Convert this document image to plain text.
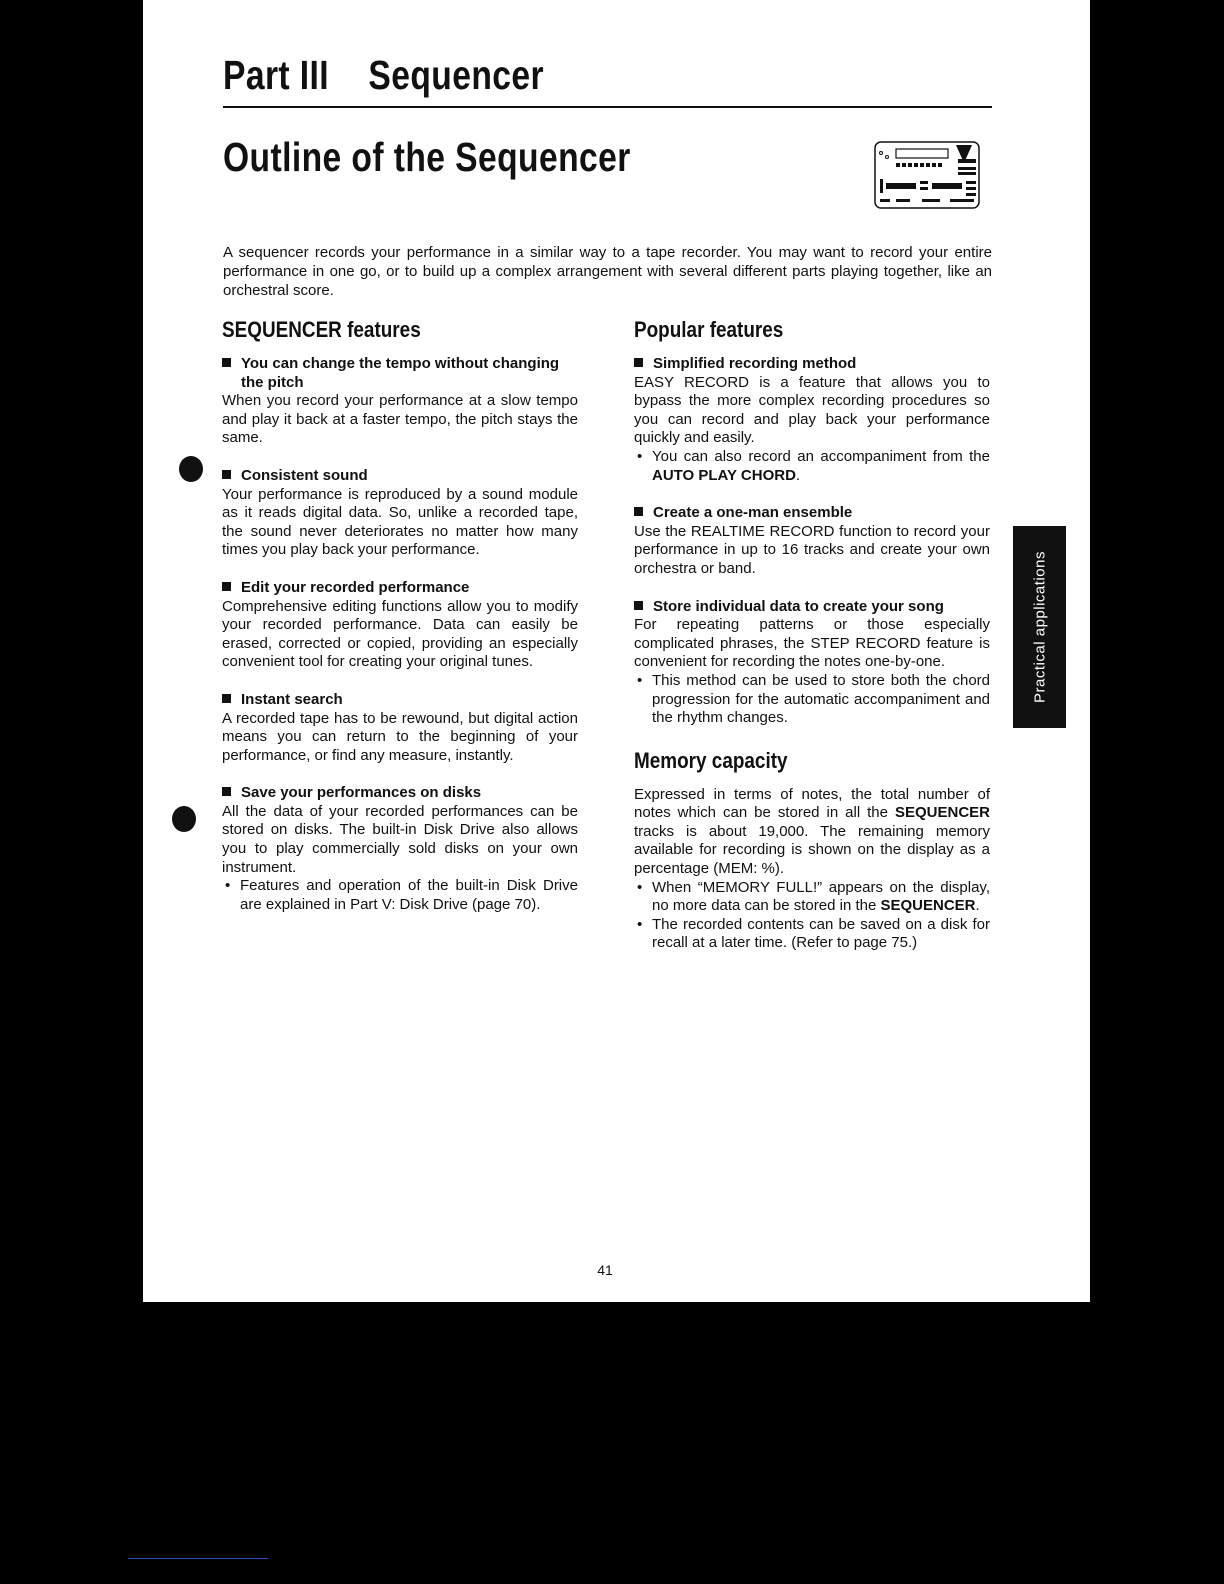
Part III Sequencer
Outline of the Sequencer

A sequencer records your performance in a similar way to a tape recorder. You may want to record your entire performance in one go, or to build up a complex arrangement with several different parts playing together, like an orchestral score.

SEQUENCER features

You can change the tempo without changing the pitch

When you record your performance at a slow tempo and play it back at a faster tempo, the pitch stays the same.

Consistent sound

Your performance is reproduced by a sound module as it reads digital data. So, unlike a recorded tape, the sound never deteriorates no matter how many times you play back your performance.

Edit your recorded performance

Comprehensive editing functions allow you to modify your recorded performance. Data can easily be erased, corrected or copied, providing an especially convenient tool for creating your original tunes.

Instant search

A recorded tape has to be rewound, but digital action means you can return to the beginning of your performance, or find any measure, instantly.

Save your performances on disks

All the data of your recorded performances can be stored on disks. The built-in Disk Drive also allows you to play commercially sold disks on your own instrument.

• Features and operation of the built-in Disk Drive are explained in Part V: Disk Drive (page 70).

Popular features

Simplified recording method

EASY RECORD is a feature that allows you to bypass the more complex recording procedures so you can record and play back your performance quickly and easily.

• You can also record an accompaniment from the AUTO PLAY CHORD.

Create a one-man ensemble

Use the REALTIME RECORD function to record your performance in up to 16 tracks and create your own orchestra or band.

Store individual data to create your song

For repeating patterns or those especially complicated phrases, the STEP RECORD feature is convenient for recording the notes one-by-one.

• This method can be used to store both the chord progression for the automatic accompaniment and the rhythm changes.

Memory capacity

Expressed in terms of notes, the total number of notes which can be stored in all the SEQUENCER tracks is about 19,000. The remaining memory available for recording is shown on the display as a percentage (MEM: %).

• When “MEMORY FULL!” appears on the display, no more data can be stored in the SEQUENCER.

• The recorded contents can be saved on a disk for recall at a later time. (Refer to page 75.)

41
Practical applications
